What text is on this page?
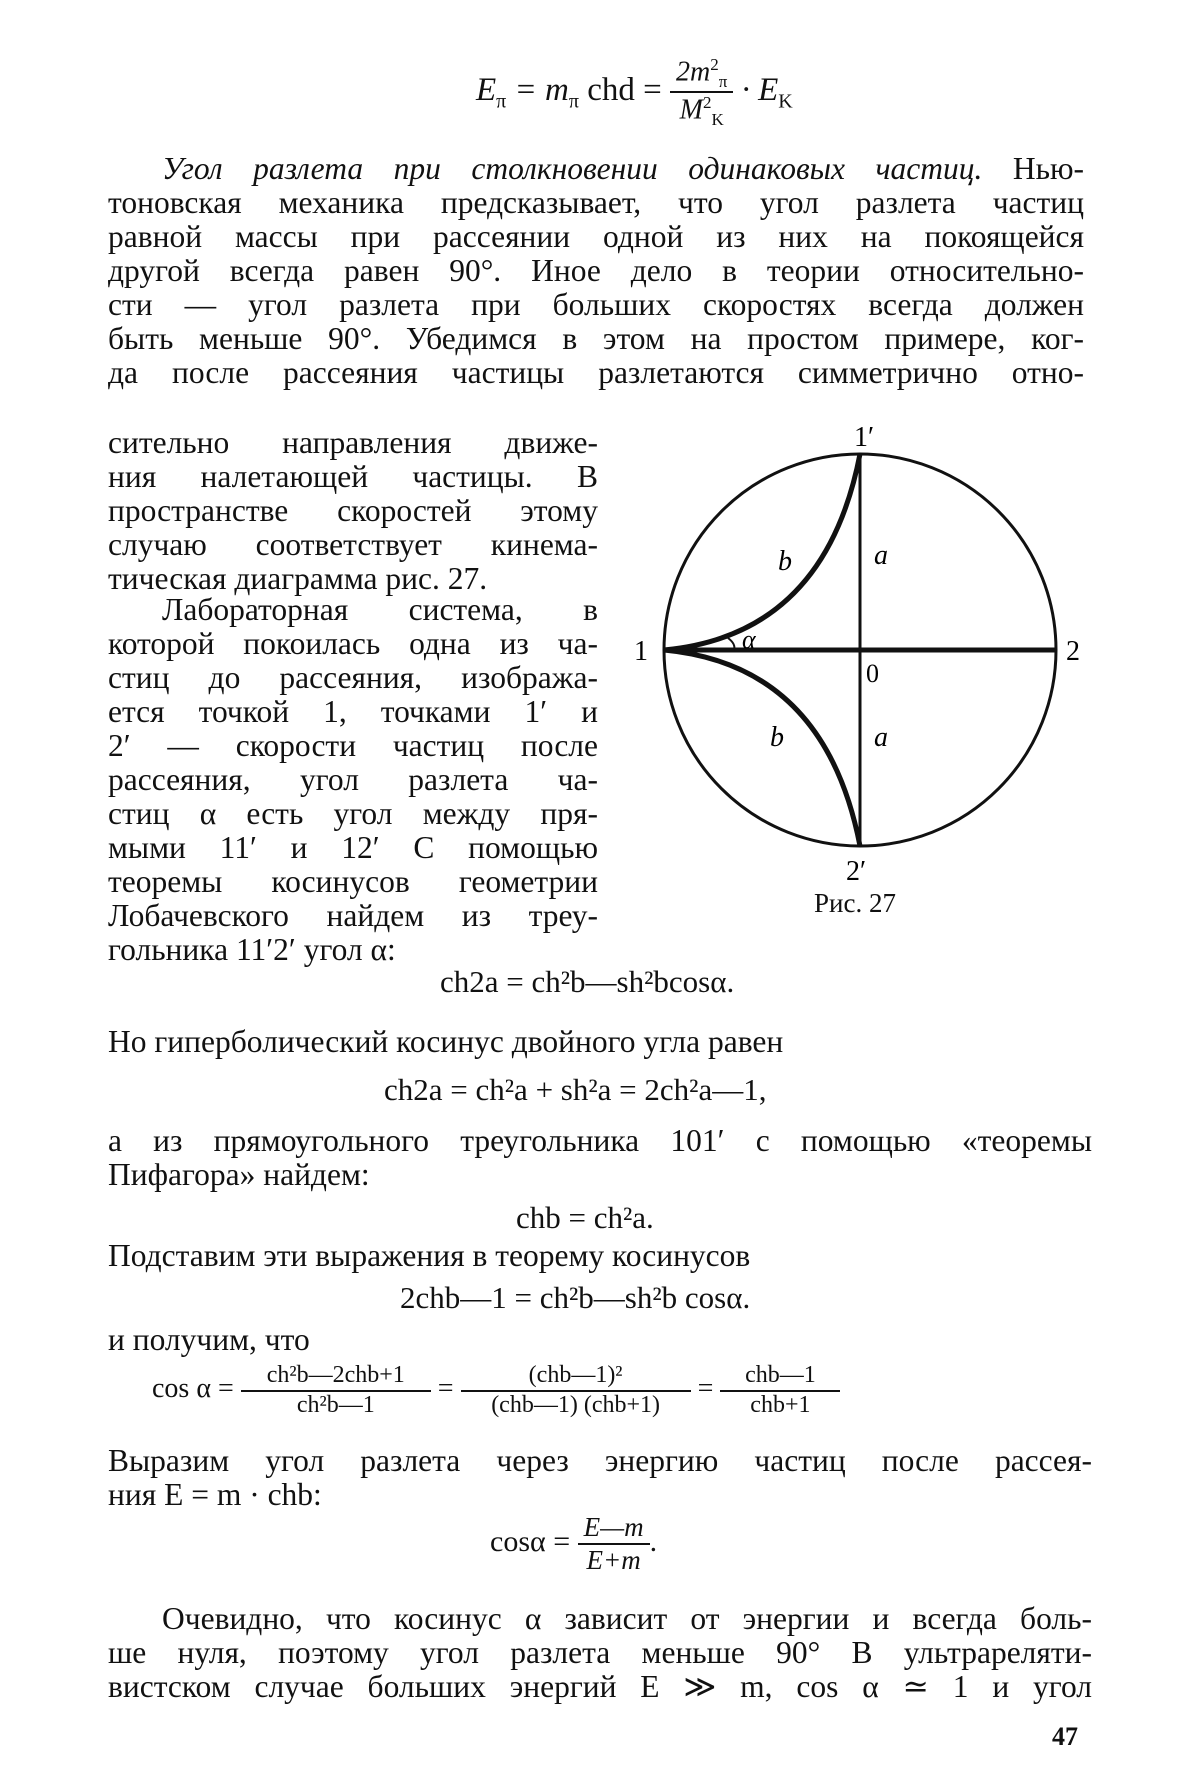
Eπ = mπ chd =
2m2π
M2K
· EK
Угол разлета при столкновении одинаковых частиц. Нью-
тоновская механика предсказывает, что угол разлета частиц
равной массы при рассеянии одной из них на покоящейся
другой всегда равен 90°. Иное дело в теории относительно-
сти — угол разлета при больших скоростях всегда должен
быть меньше 90°. Убедимся в этом на простом примере, ког-
да после рассеяния частицы разлетаются симметрично отно-
сительно направления движе-
ния налетающей частицы. В
пространстве скоростей этому
случаю соответствует кинема-
тическая диаграмма рис. 27.
Лабораторная система, в
которой покоилась одна из ча-
стиц до рассеяния, изобража-
ется точкой 1, точками 1′ и
2′ — скорости частиц после
рассеяния, угол разлета ча-
стиц α есть угол между пря-
мыми 11′ и 12′ С помощью
теоремы косинусов геометрии
Лобачевского найдем из треу-
гольника 11′2′ угол α:
1′
1	2
2′
0
a
a
b
b
α
Рис. 27
ch2a = ch²b—sh²bcosα.
Но гиперболический косинус двойного угла равен
ch2a = ch²a + sh²a = 2ch²a—1,
а из прямоугольного треугольника 101′ с помощью «теоремы
Пифагора» найдем:
chb = ch²a.
Подставим эти выражения в теорему косинусов
2chb—1 = ch²b—sh²b cosα.
и получим, что
cos α =	ch²b—2chb+1
ch²b—1
=	(chb—1)²
(chb—1) (chb+1)
=	chb—1
chb+1
Выразим угол разлета через энергию частиц после рассея-
ния E = m · chb:
cosα = E—m
E+m
.
Очевидно, что косинус α зависит от энергии и всегда боль-
ше нуля, поэтому угол разлета меньше 90° В ультрареляти-
вистском случае больших энергий E ≫ m, cos α ≃ 1 и угол
47
